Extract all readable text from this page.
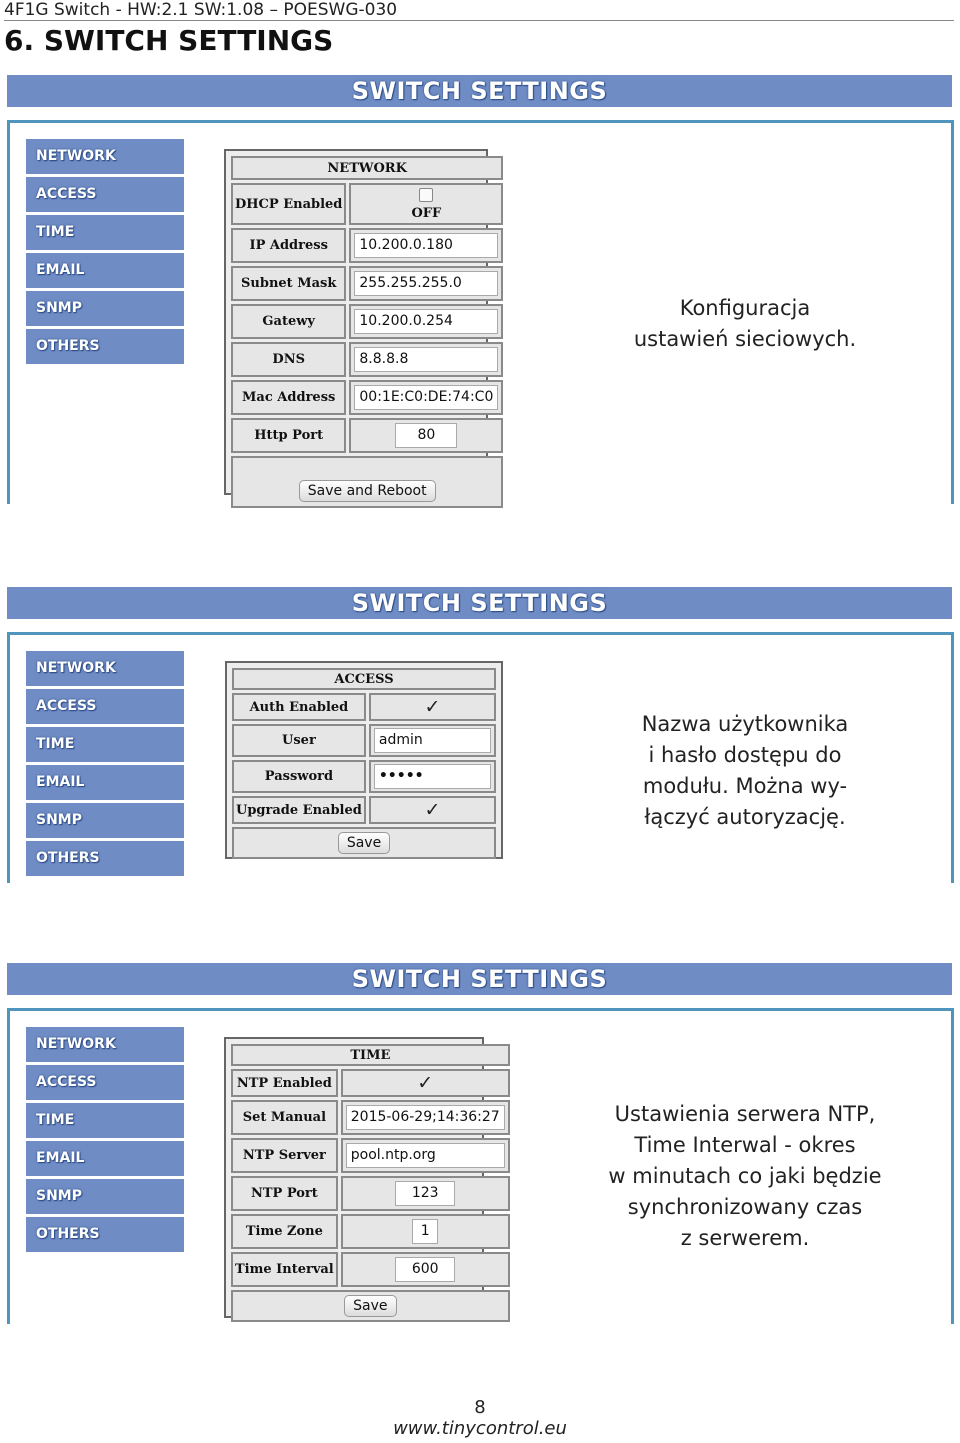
4F1G Switch - HW:2.1 SW:1.08 – POESWG-030
6. SWITCH SETTINGS
SWITCH SETTINGS
NETWORK
ACCESS
TIME
EMAIL
SNMP
OTHERS
NETWORK	
DHCP Enabled	OFF
IP Address	10.200.0.180

Subnet Mask	255.255.255.0

Gatewy	10.200.0.254

DNS	8.8.8.8

Mac Address	00:1E:C0:DE:74:C0

Http Port	80

Save and Reboot	
Konfiguracja
ustawień sieciowych.
SWITCH SETTINGS
NETWORK
ACCESS
TIME
EMAIL
SNMP
OTHERS
ACCESS	
Auth Enabled	✓
User	admin

Password	•••••

Upgrade Enabled	✓
Save	
Nazwa użytkownika
i hasło dostępu do
modułu. Można wy-
łączyć autoryzację.
SWITCH SETTINGS
NETWORK
ACCESS
TIME
EMAIL
SNMP
OTHERS
TIME	
NTP Enabled	✓
Set Manual	2015-06-29;14:36:27

NTP Server	pool.ntp.org

NTP Port	123

Time Zone	1

Time Interval	600

Save	
Ustawienia serwera NTP,
Time Interwal - okres
w minutach co jaki będzie
synchronizowany czas
z serwerem.
8
www.tinycontrol.eu
